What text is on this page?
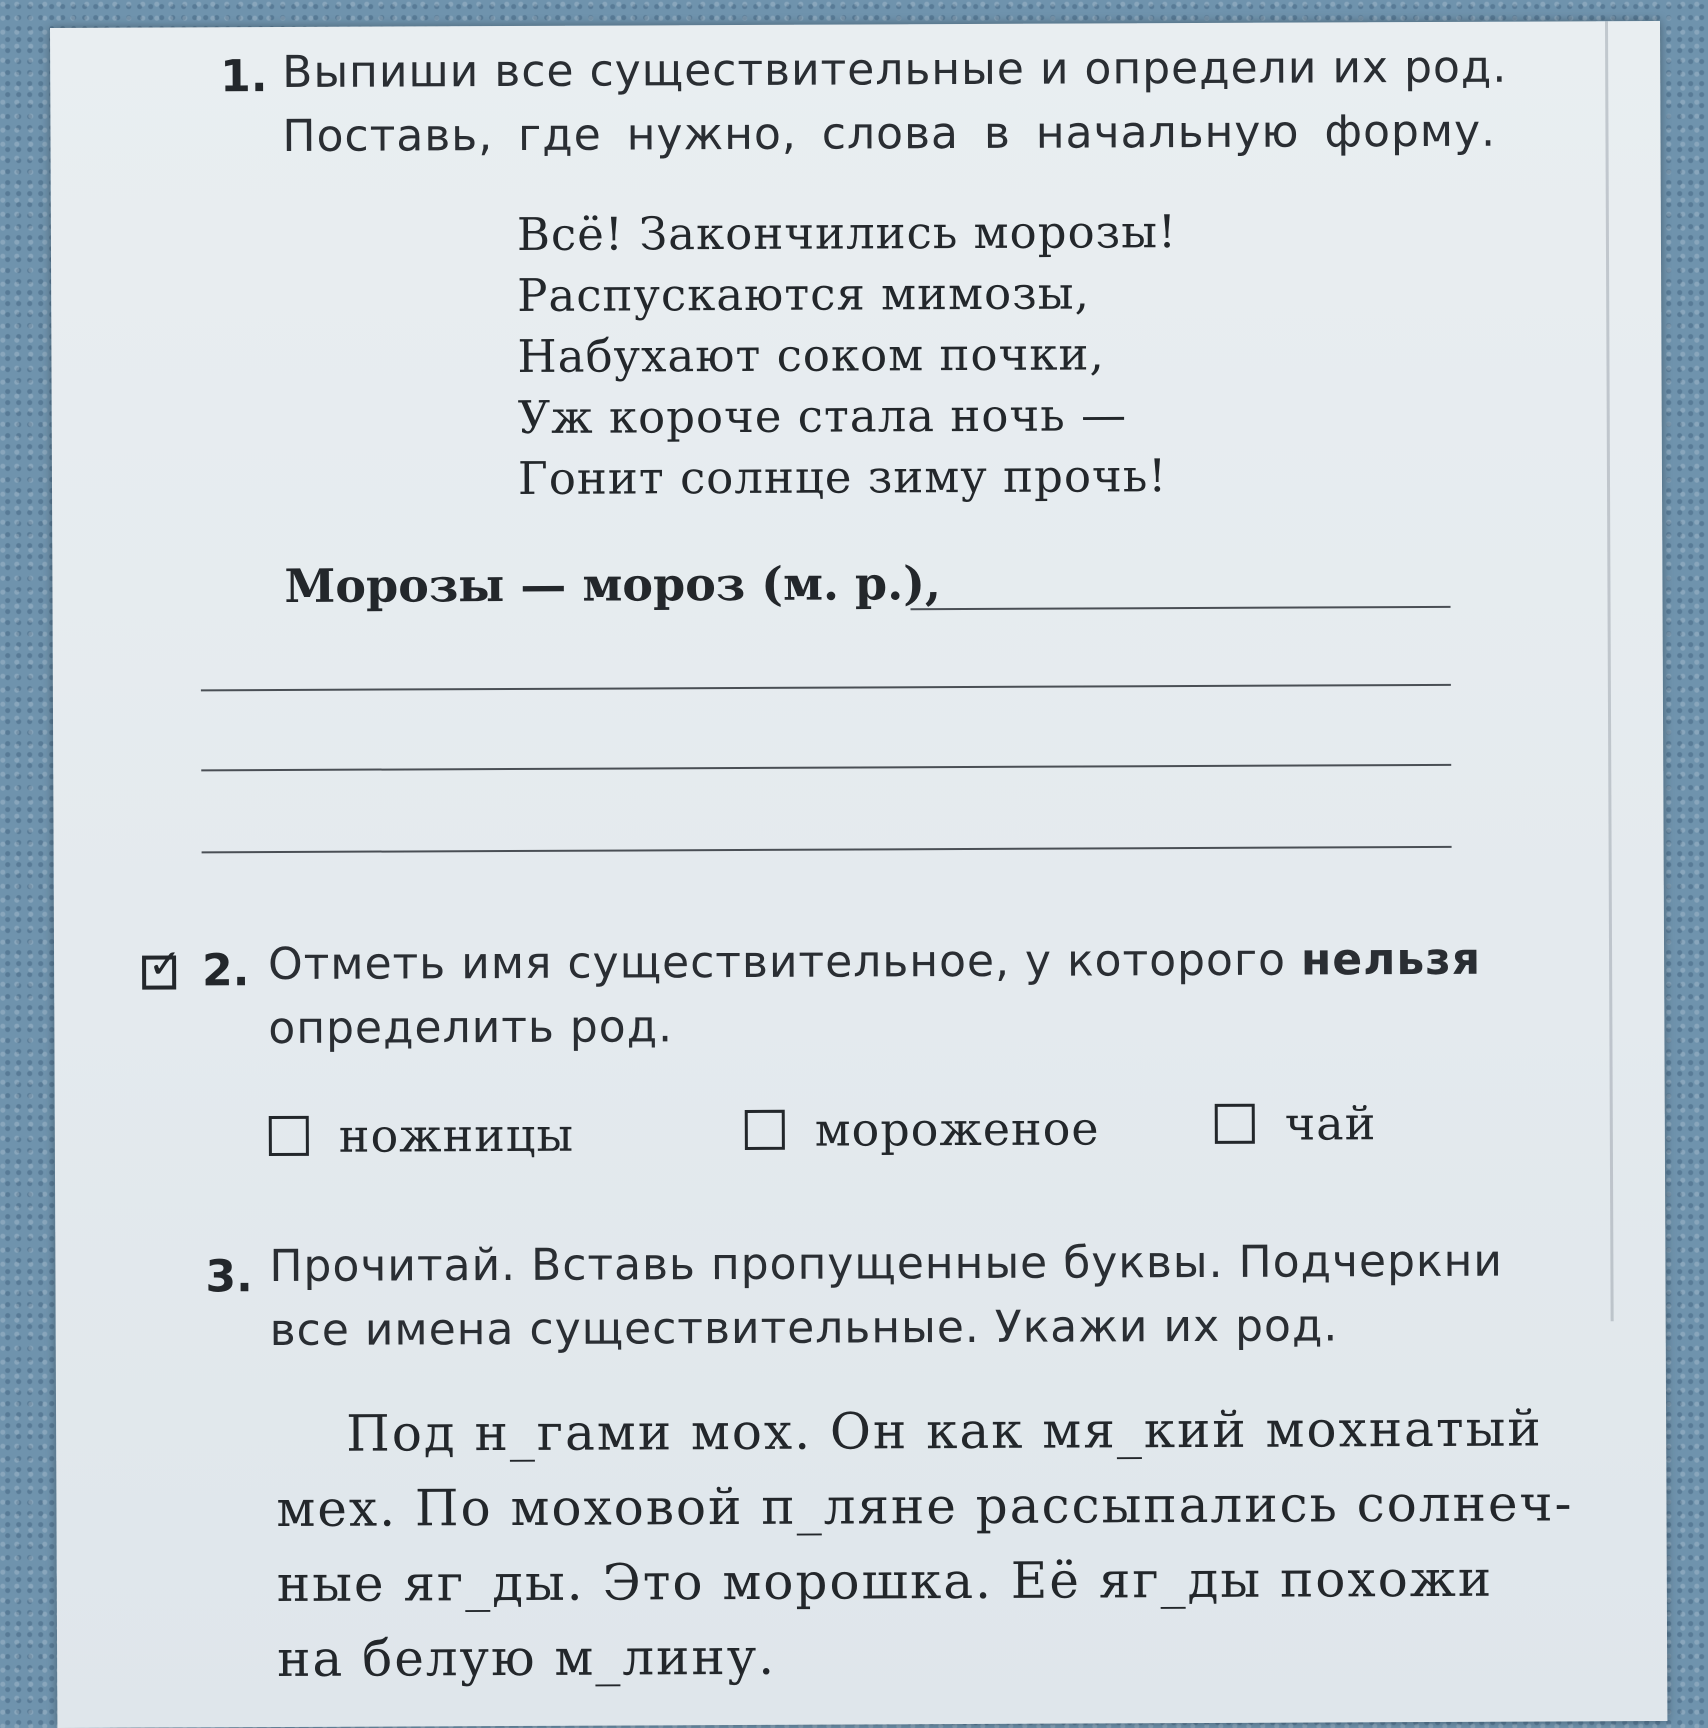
1. Выпиши все существительные и определи их род.
Поставь, где нужно, слова в начальную форму.
Всё! Закончились морозы!
Распускаются мимозы,
Набухают соком почки,
Уж короче стала ночь —
Гонит солнце зиму прочь!
Морозы — мороз (м. р.),
✓ 2. Отметь имя существительное, у которого нельзя
определить род.
ножницы	мороженое	чай
3. Прочитай. Вставь пропущенные буквы. Подчеркни
все имена существительные. Укажи их род.
Под н_гами мох. Он как мя_кий мохнатый
мех. По моховой п_ляне рассыпались солнеч-
ные яг_ды. Это морошка. Её яг_ды похожи
на белую м_лину.
